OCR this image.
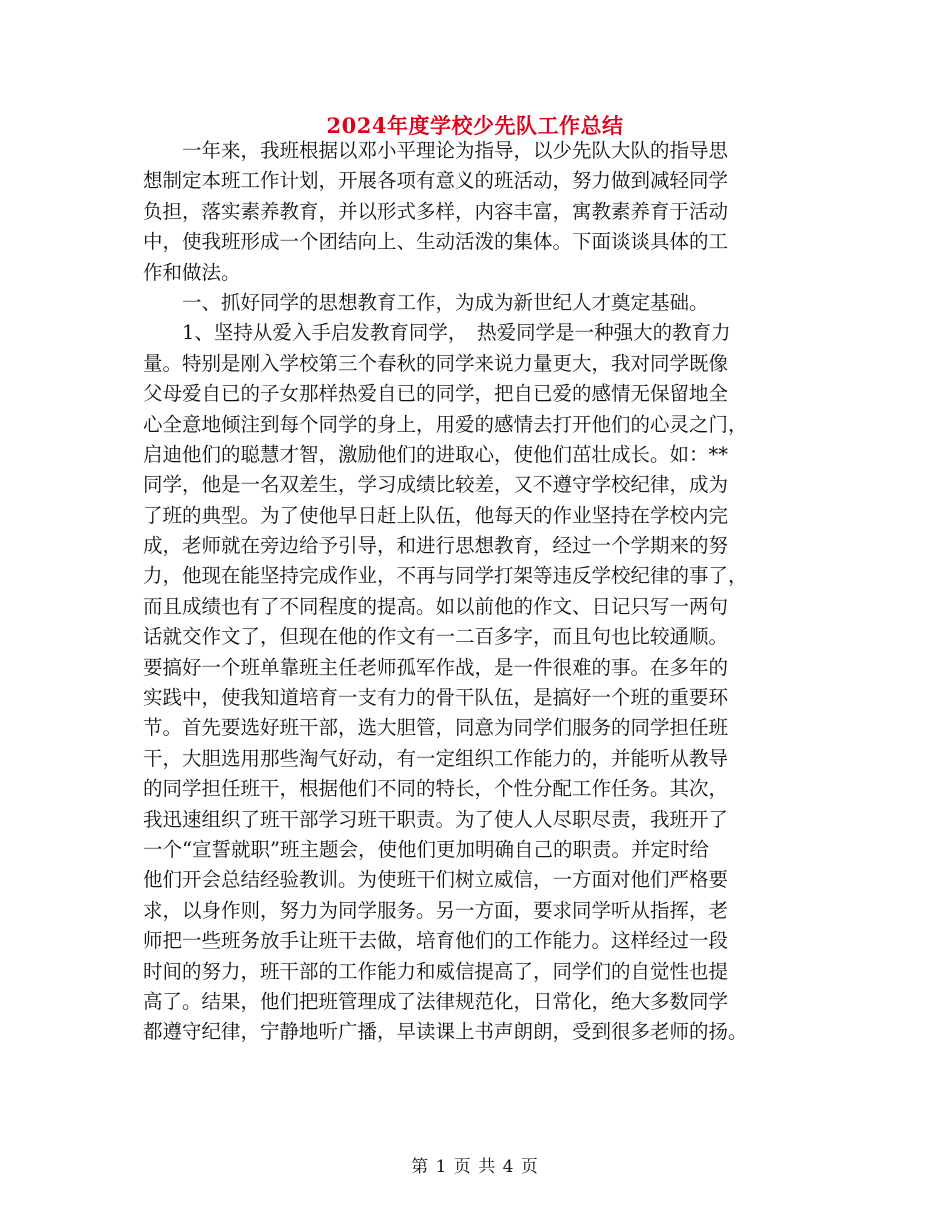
2024年度学校少先队工作总结
　　一年来，我班根据以邓小平理论为指导，以少先队大队的指导思
想制定本班工作计划，开展各项有意义的班活动，努力做到减轻同学
负担，落实素养教育，并以形式多样，内容丰富，寓教素养育于活动
中，使我班形成一个团结向上、生动活泼的集体。下面谈谈具体的工
作和做法。
　　一、抓好同学的思想教育工作，为成为新世纪人才奠定基础。
　　1、坚持从爱入手启发教育同学，　热爱同学是一种强大的教育力
量。特别是刚入学校第三个春秋的同学来说力量更大，我对同学既像
父母爱自已的子女那样热爱自已的同学，把自已爱的感情无保留地全
心全意地倾注到每个同学的身上，用爱的感情去打开他们的心灵之门，
启迪他们的聪慧才智，激励他们的进取心，使他们茁壮成长。如：**
同学，他是一名双差生，学习成绩比较差，又不遵守学校纪律，成为
了班的典型。为了使他早日赶上队伍，他每天的作业坚持在学校内完
成，老师就在旁边给予引导，和进行思想教育，经过一个学期来的努
力，他现在能坚持完成作业，不再与同学打架等违反学校纪律的事了，
而且成绩也有了不同程度的提高。如以前他的作文、日记只写一两句
话就交作文了，但现在他的作文有一二百多字，而且句也比较通顺。
要搞好一个班单靠班主任老师孤军作战，是一件很难的事。在多年的
实践中，使我知道培育一支有力的骨干队伍，是搞好一个班的重要环
节。首先要选好班干部，选大胆管，同意为同学们服务的同学担任班
干，大胆选用那些淘气好动，有一定组织工作能力的，并能听从教导
的同学担任班干，根据他们不同的特长，个性分配工作任务。其次，
我迅速组织了班干部学习班干职责。为了使人人尽职尽责，我班开了
一个“宣誓就职”班主题会，使他们更加明确自己的职责。并定时给
他们开会总结经验教训。为使班干们树立威信，一方面对他们严格要
求，以身作则，努力为同学服务。另一方面，要求同学听从指挥，老
师把一些班务放手让班干去做，培育他们的工作能力。这样经过一段
时间的努力，班干部的工作能力和威信提高了，同学们的自觉性也提
高了。结果，他们把班管理成了法律规范化，日常化，绝大多数同学
都遵守纪律，宁静地听广播，早读课上书声朗朗，受到很多老师的扬。
第 1 页 共 4 页
